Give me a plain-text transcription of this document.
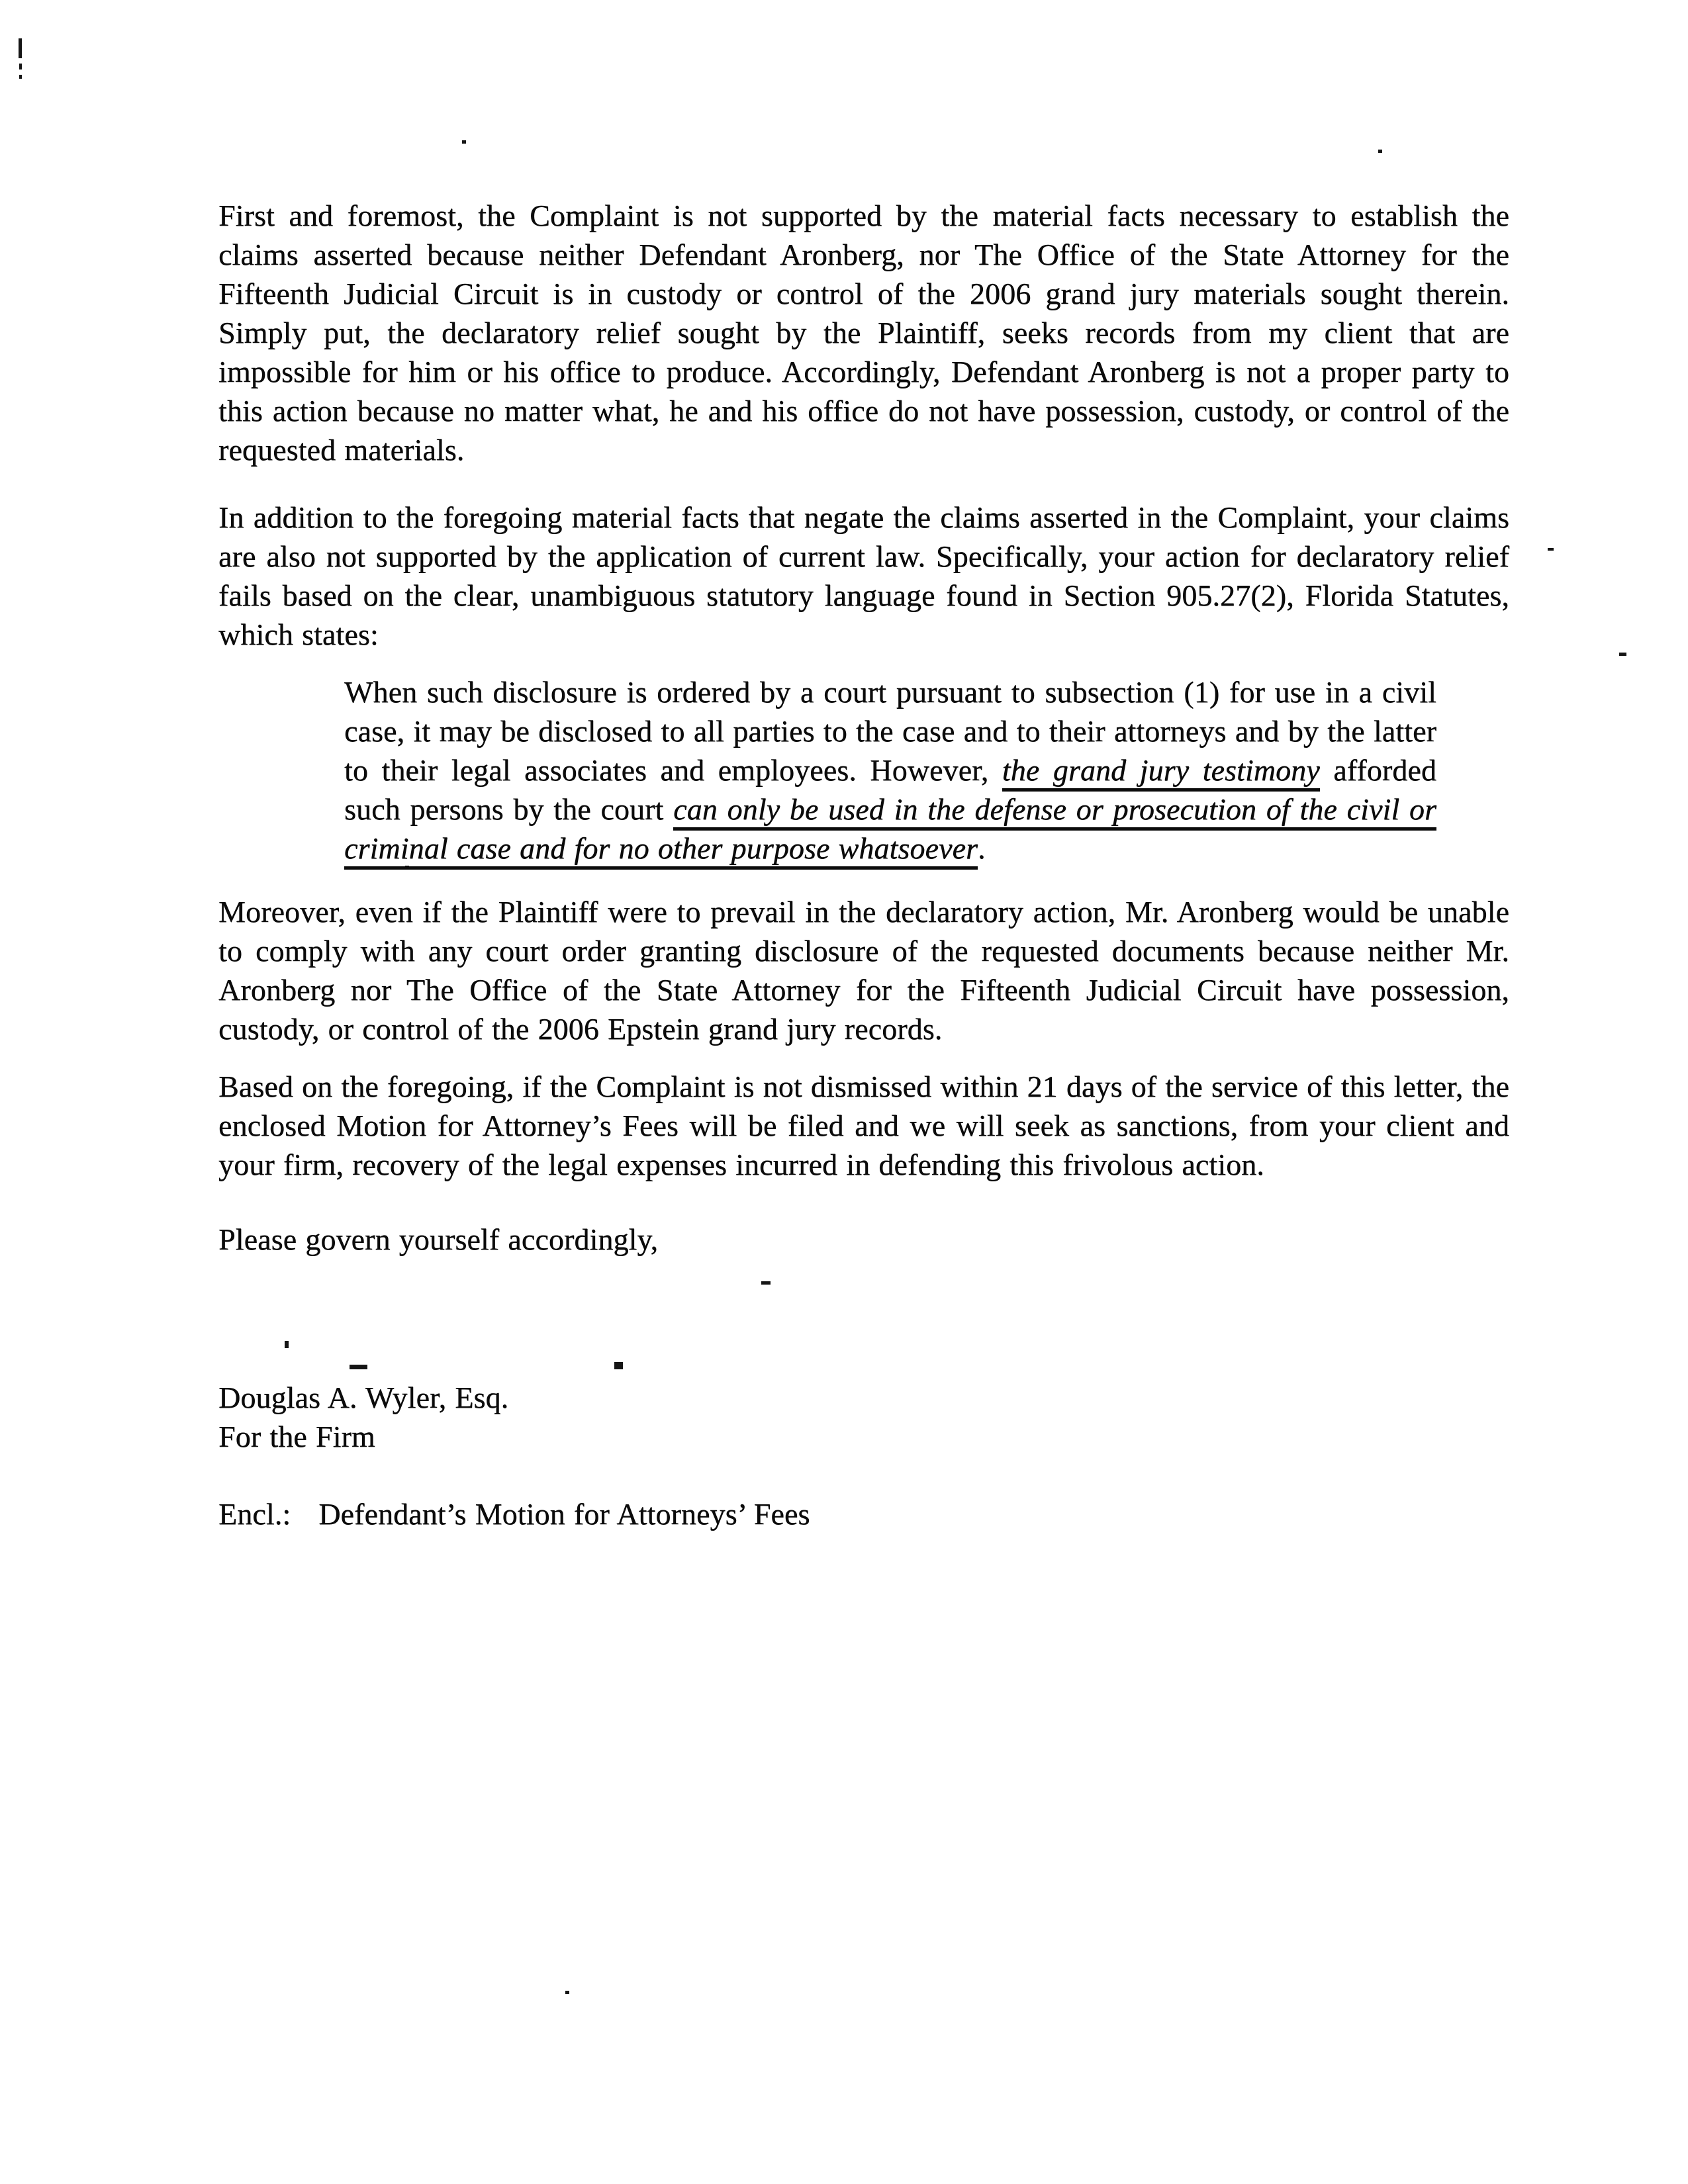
First and foremost, the Complaint is not supported by the material facts necessary to establish the claims asserted because neither Defendant Aronberg, nor The Office of the State Attorney for the Fifteenth Judicial Circuit is in custody or control of the 2006 grand jury materials sought therein. Simply put, the declaratory relief sought by the Plaintiff, seeks records from my client that are impossible for him or his office to produce. Accordingly, Defendant Aronberg is not a proper party to this action because no matter what, he and his office do not have possession, custody, or control of the requested materials.
In addition to the foregoing material facts that negate the claims asserted in the Complaint, your claims are also not supported by the application of current law. Specifically, your action for declaratory relief fails based on the clear, unambiguous statutory language found in Section 905.27(2), Florida Statutes, which states:
When such disclosure is ordered by a court pursuant to subsection (1) for use in a civil case, it may be disclosed to all parties to the case and to their attorneys and by the latter to their legal associates and employees. However, the grand jury testimony afforded such persons by the court can only be used in the defense or prosecution of the civil or criminal case and for no other purpose whatsoever.
Moreover, even if the Plaintiff were to prevail in the declaratory action, Mr. Aronberg would be unable to comply with any court order granting disclosure of the requested documents because neither Mr. Aronberg nor The Office of the State Attorney for the Fifteenth Judicial Circuit have possession, custody, or control of the 2006 Epstein grand jury records.
Based on the foregoing, if the Complaint is not dismissed within 21 days of the service of this letter, the enclosed Motion for Attorney’s Fees will be filed and we will seek as sanctions, from your client and your firm, recovery of the legal expenses incurred in defending this frivolous action.
Please govern yourself accordingly,
Douglas A. Wyler, Esq.
For the Firm
Encl.: Defendant’s Motion for Attorneys’ Fees
